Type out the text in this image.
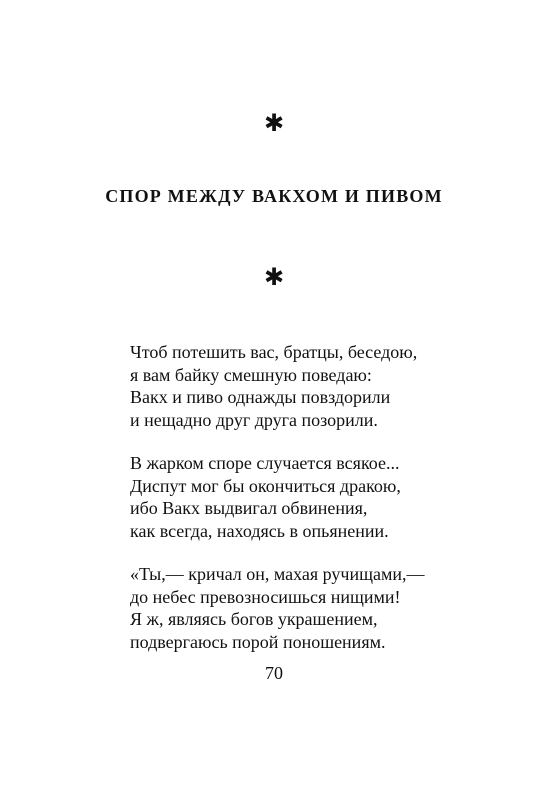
✱
СПОР МЕЖДУ ВАКХОМ И ПИВОМ
✱
Чтоб потешить вас, братцы, беседою,
я вам байку смешную поведаю:
Вакх и пиво однажды повздорили
и нещадно друг друга позорили.
В жарком споре случается всякое...
Диспут мог бы окончиться дракою,
ибо Вакх выдвигал обвинения,
как всегда, находясь в опьянении.
«Ты,— кричал он, махая ручищами,—
до небес превозносишься нищими!
Я ж, являясь богов украшением,
подвергаюсь порой поношениям.
70
